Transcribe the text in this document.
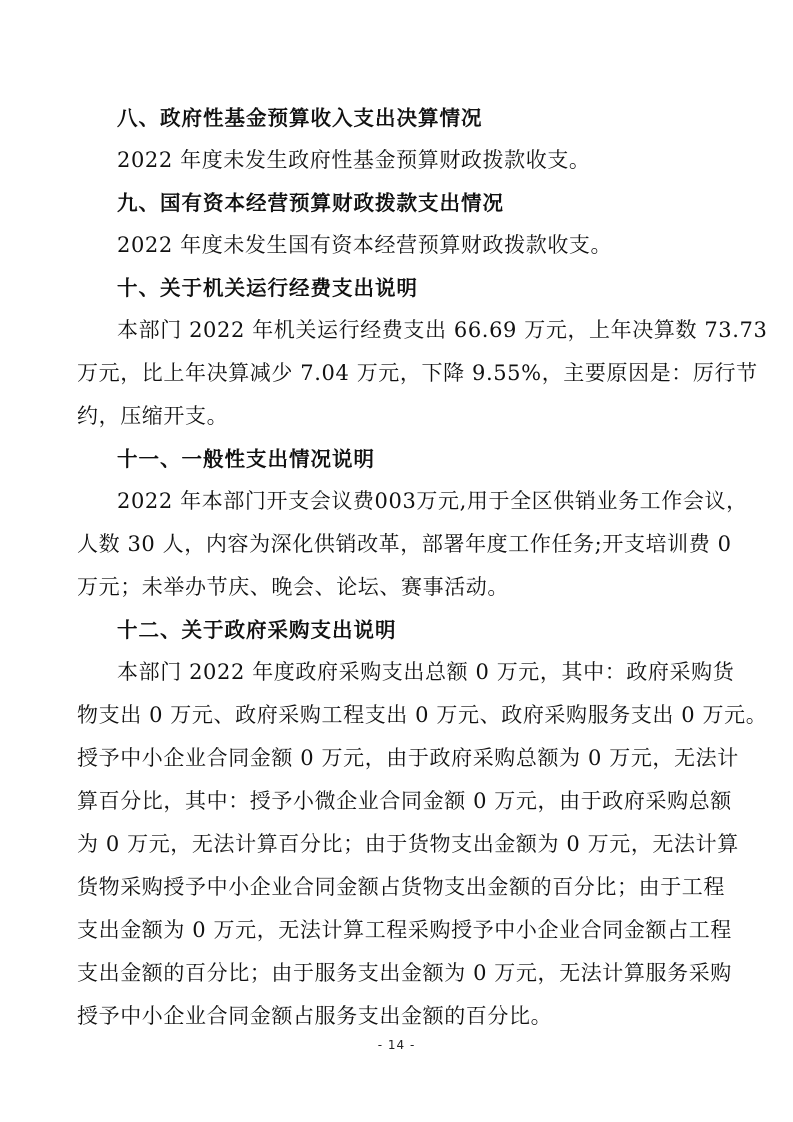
八、政府性基金预算收入支出决算情况
2022 年度未发生政府性基金预算财政拨款收支。
九、国有资本经营预算财政拨款支出情况
2022 年度未发生国有资本经营预算财政拨款收支。
十、关于机关运行经费支出说明
本部门 2022 年机关运行经费支出 66.69 万元，上年决算数 73.73
万元，比上年决算减少 7.04 万元，下降 9.55%，主要原因是：厉行节
约，压缩开支。
十一、一般性支出情况说明
2022 年本部门开支会议费003万元,用于全区供销业务工作会议，
人数 30 人，内容为深化供销改革，部署年度工作任务;开支培训费 0
万元；未举办节庆、晚会、论坛、赛事活动。
十二、关于政府采购支出说明
本部门 2022 年度政府采购支出总额 0 万元，其中：政府采购货
物支出 0 万元、政府采购工程支出 0 万元、政府采购服务支出 0 万元。
授予中小企业合同金额 0 万元，由于政府采购总额为 0 万元，无法计
算百分比，其中：授予小微企业合同金额 0 万元，由于政府采购总额
为 0 万元，无法计算百分比；由于货物支出金额为 0 万元，无法计算
货物采购授予中小企业合同金额占货物支出金额的百分比；由于工程
支出金额为 0 万元，无法计算工程采购授予中小企业合同金额占工程
支出金额的百分比；由于服务支出金额为 0 万元，无法计算服务采购
授予中小企业合同金额占服务支出金额的百分比。
- 14 -
